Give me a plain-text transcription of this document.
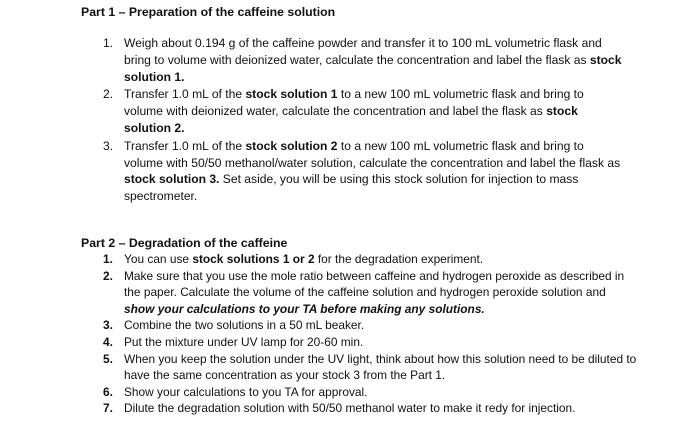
Part 1 – Preparation of the caffeine solution
1. Weigh about 0.194 g of the caffeine powder and transfer it to 100 mL volumetric flask and bring to volume with deionized water, calculate the concentration and label the flask as stock solution 1.
2. Transfer 1.0 mL of the stock solution 1 to a new 100 mL volumetric flask and bring to volume with deionized water, calculate the concentration and label the flask as stock solution 2.
3. Transfer 1.0 mL of the stock solution 2 to a new 100 mL volumetric flask and bring to volume with 50/50 methanol/water solution, calculate the concentration and label the flask as stock solution 3. Set aside, you will be using this stock solution for injection to mass spectrometer.
Part 2 – Degradation of the caffeine
1. You can use stock solutions 1 or 2 for the degradation experiment.
2. Make sure that you use the mole ratio between caffeine and hydrogen peroxide as described in the paper. Calculate the volume of the caffeine solution and hydrogen peroxide solution and show your calculations to your TA before making any solutions.
3. Combine the two solutions in a 50 mL beaker.
4. Put the mixture under UV lamp for 20-60 min.
5. When you keep the solution under the UV light, think about how this solution need to be diluted to have the same concentration as your stock 3 from the Part 1.
6. Show your calculations to you TA for approval.
7. Dilute the degradation solution with 50/50 methanol water to make it redy for injection.
